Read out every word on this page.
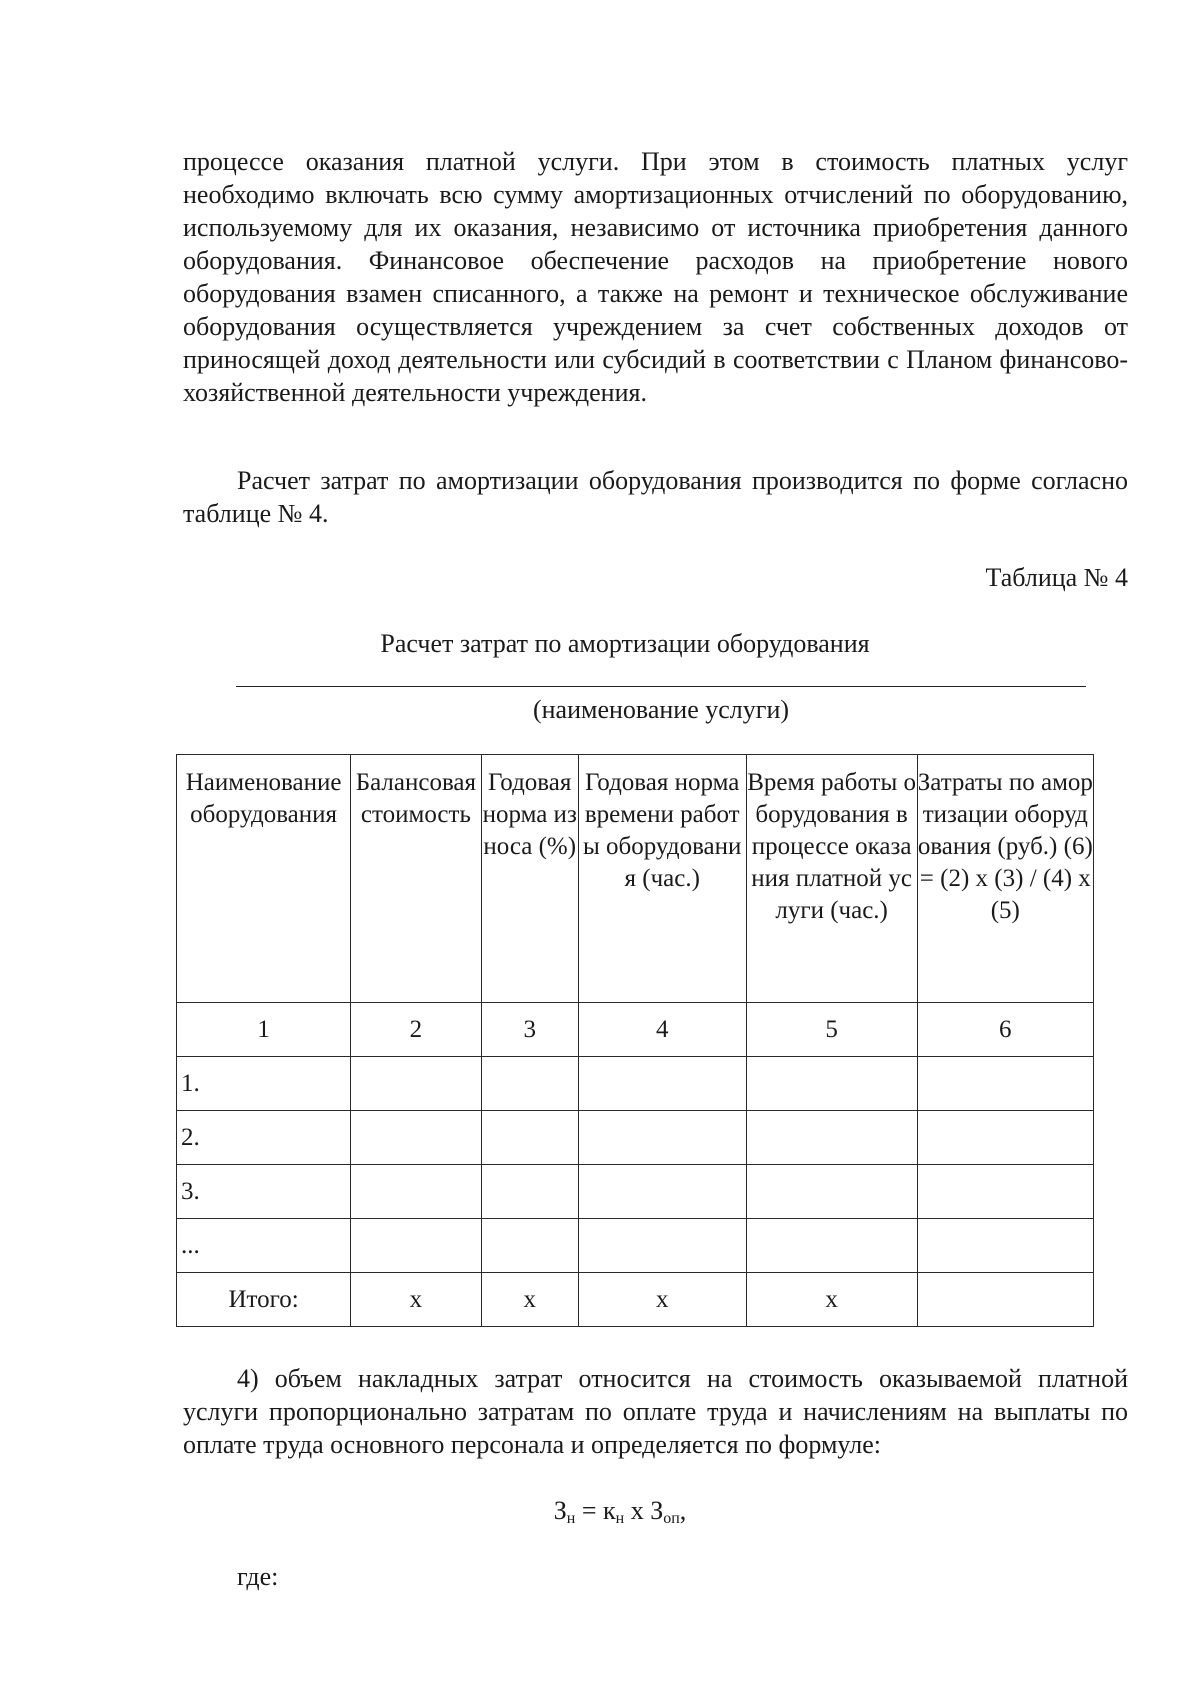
процессе оказания платной услуги. При этом в стоимость платных услуг необходимо включать всю сумму амортизационных отчислений по оборудованию, используемому для их оказания, независимо от источника приобретения данного оборудования. Финансовое обеспечение расходов на приобретение нового оборудования взамен списанного, а также на ремонт и техническое обслуживание оборудования осуществляется учреждением за счет собственных доходов от приносящей доход деятельности или субсидий в соответствии с Планом финансово-хозяйственной деятельности учреждения.
Расчет затрат по амортизации оборудования производится по форме согласно таблице № 4.
Таблица № 4
Расчет затрат по амортизации оборудования
(наименование услуги)
Наименование оборудования	Балансовая стоимость	Годовая норма износа (%)	Годовая норма времени работы оборудования (час.)	Время работы оборудования в процессе оказания платной услуги (час.)	Затраты по амортизации оборудования (руб.) (6) = (2) x (3) / (4) x (5)
1	2	3	4	5	6
1.					
2.					
3.					
...					
Итого:	x	x	x	x	
4) объем накладных затрат относится на стоимость оказываемой платной услуги пропорционально затратам по оплате труда и начислениям на выплаты по оплате труда основного персонала и определяется по формуле:
$З_н = к_н$ x $З_{оп}$,
где:
